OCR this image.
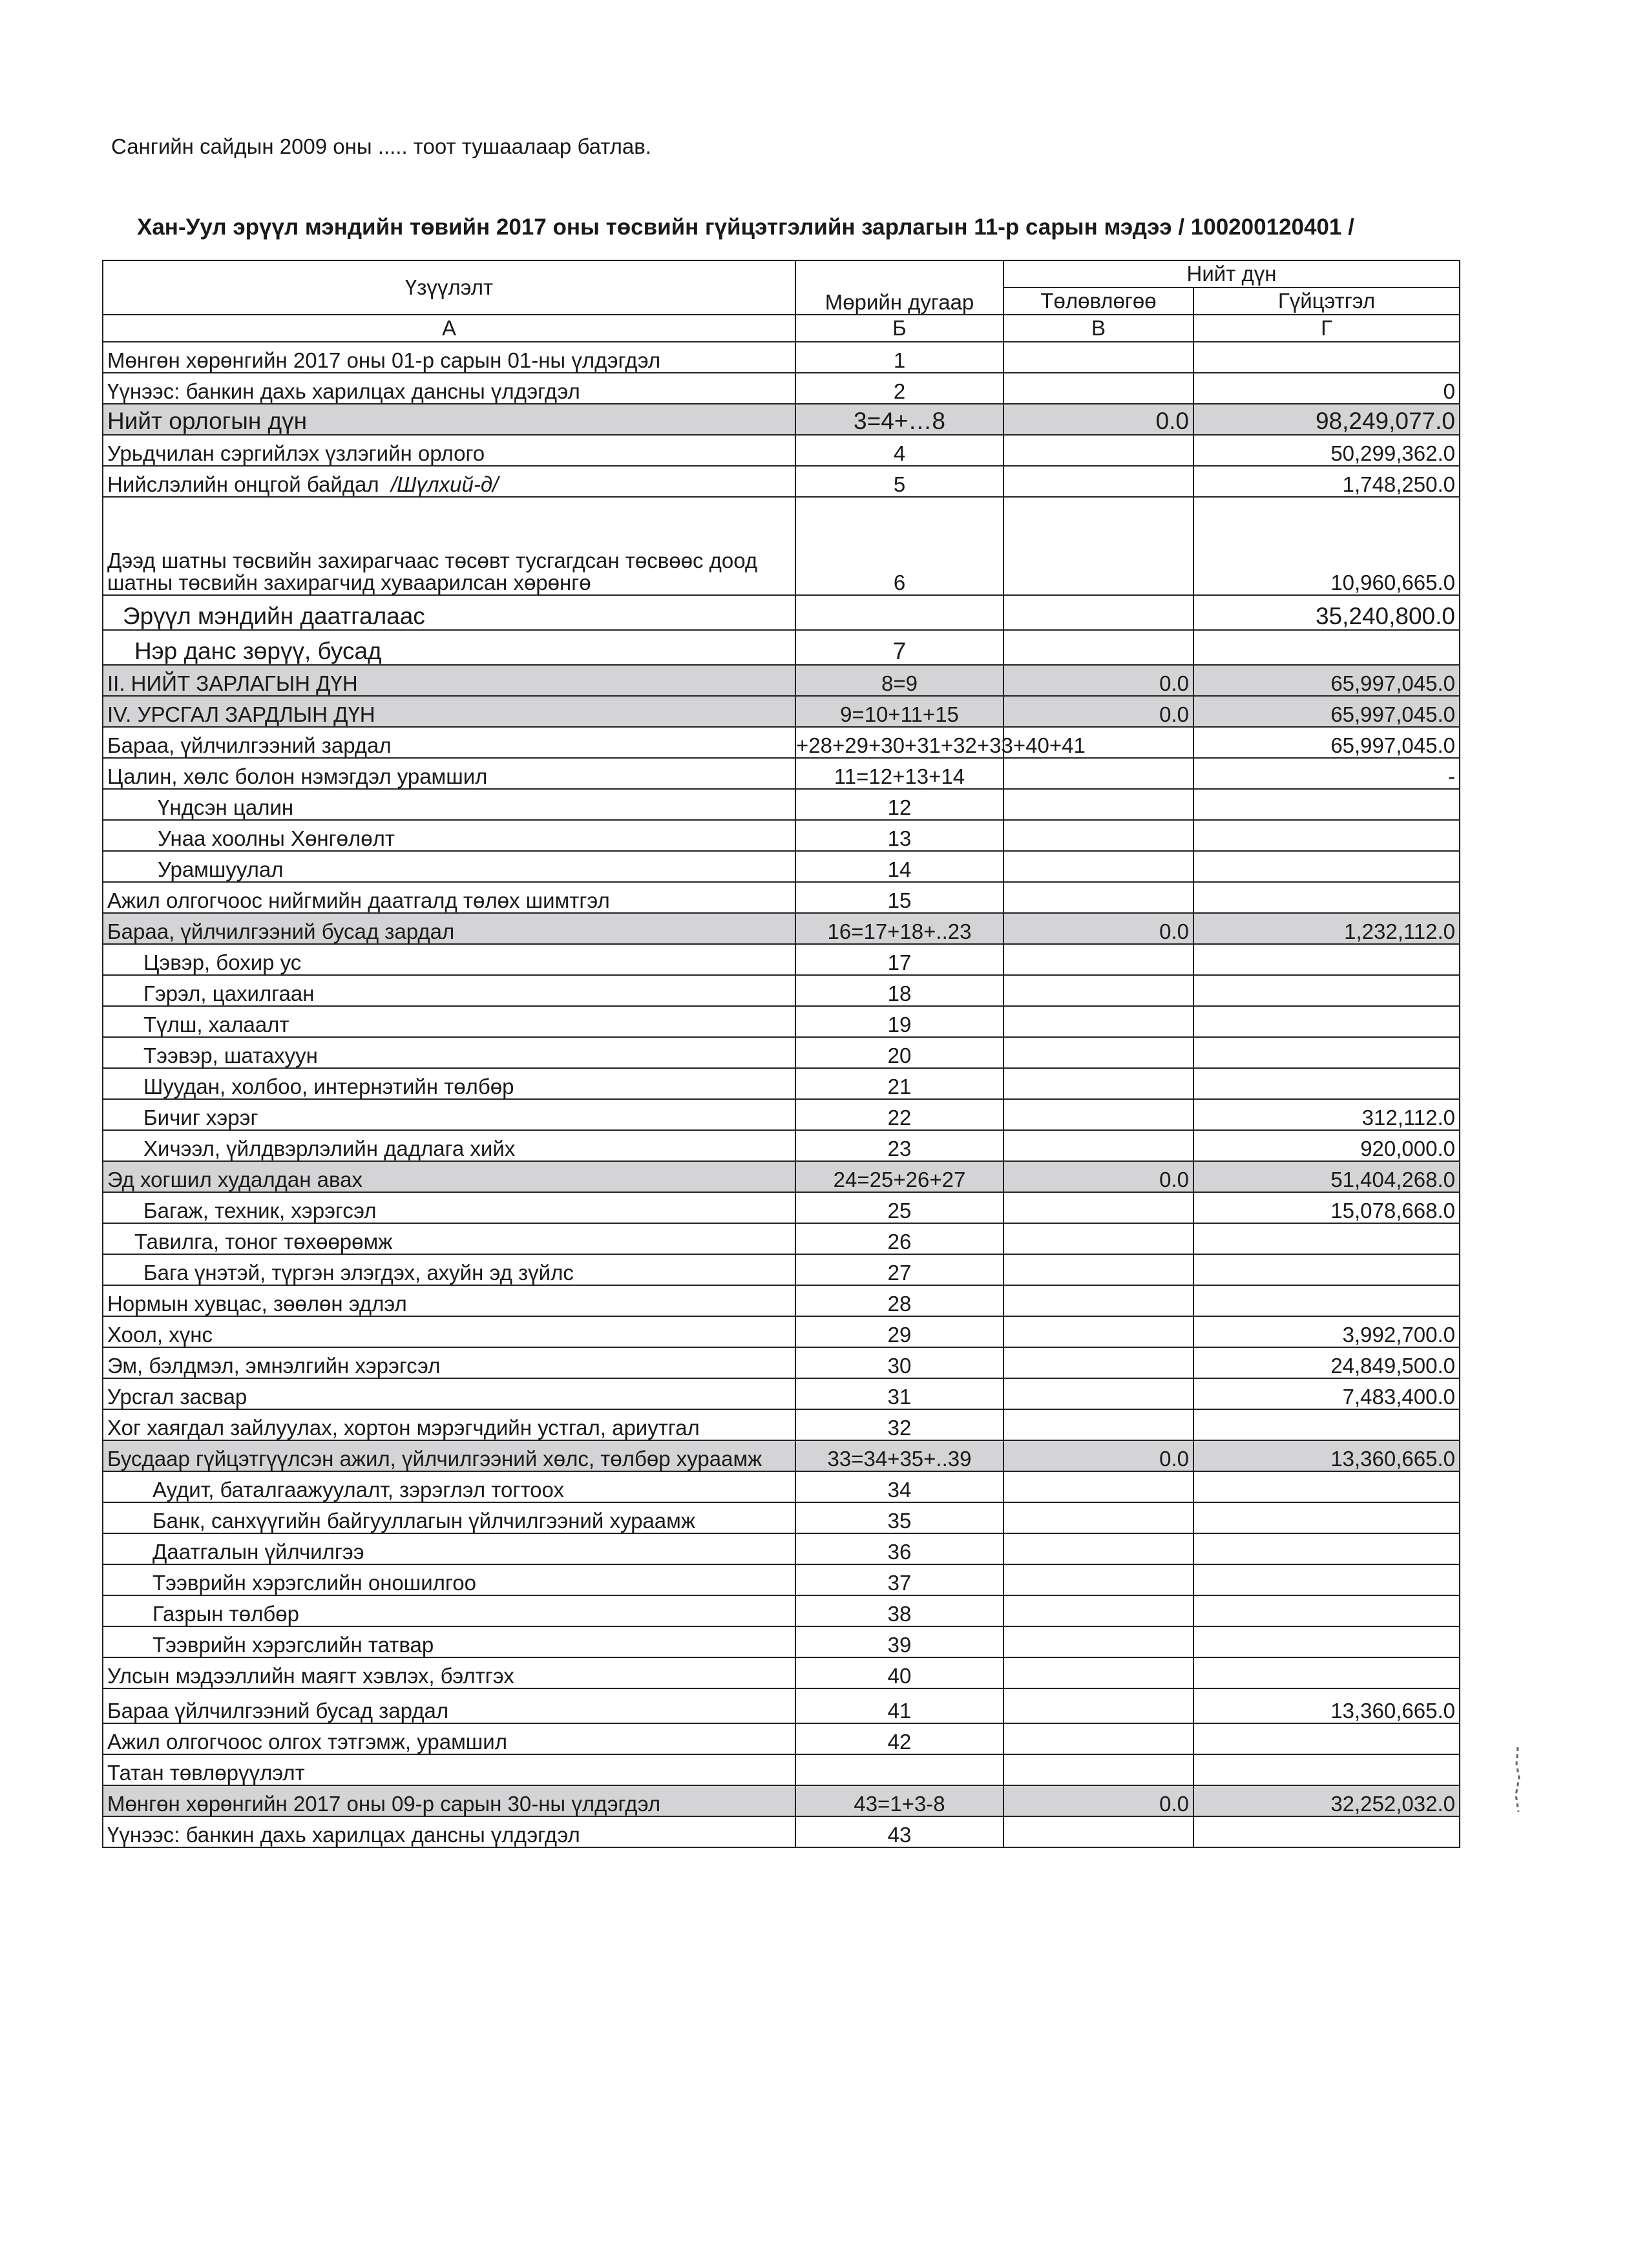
Сангийн сайдын 2009 оны ..... тоот тушаалаар батлав.
Хан-Уул эрүүл мэндийн төвийн 2017 оны төсвийн гүйцэтгэлийн зарлагын 11-р сарын мэдээ / 100200120401 /
Үзүүлэлт	Мөрийн дугаар	Нийт дүн	
		Төлөвлөгөө	Гүйцэтгэл
А	Б	В	Г
Мөнгөн хөрөнгийн 2017 оны 01-р сарын 01-ны үлдэгдэл	1		
Үүнээс: банкин дахь харилцах дансны үлдэгдэл	2		0
Нийт орлогын дүн	3=4+…8	0.0	98,249,077.0
Урьдчилан сэргийлэх үзлэгийн орлого	4		50,299,362.0
Нийслэлийн онцгой байдал /Шүлхий-д/	5		1,748,250.0
Дээд шатны төсвийн захирагчаас төсөвт тусгагдсан төсвөөс доод шатны төсвийн захирагчид хуваарилсан хөрөнгө	6		10,960,665.0
Эрүүл мэндийн даатгалаас			35,240,800.0
Нэр данс зөрүү, бусад	7		
II. НИЙТ ЗАРЛАГЫН ДҮН	8=9	0.0	65,997,045.0
IV. УРСГАЛ ЗАРДЛЫН ДҮН	9=10+11+15	0.0	65,997,045.0
Бараа, үйлчилгээний зардал	+28+29+30+31+32+33+40+41		65,997,045.0
Цалин, хөлс болон нэмэгдэл урамшил	11=12+13+14		-
Үндсэн цалин	12		
Унаа хоолны Хөнгөлөлт	13		
Урамшуулал	14		
Ажил олгогчоос нийгмийн даатгалд төлөх шимтгэл	15		
Бараа, үйлчилгээний бусад зардал	16=17+18+..23	0.0	1,232,112.0
Цэвэр, бохир ус	17		
Гэрэл, цахилгаан	18		
Түлш, халаалт	19		
Тээвэр, шатахуун	20		
Шуудан, холбоо, интернэтийн төлбөр	21		
Бичиг хэрэг	22		312,112.0
Хичээл, үйлдвэрлэлийн дадлага хийх	23		920,000.0
Эд хогшил худалдан авах	24=25+26+27	0.0	51,404,268.0
Багаж, техник, хэрэгсэл	25		15,078,668.0
Тавилга, тоног төхөөрөмж	26		
Бага үнэтэй, түргэн элэгдэх, ахуйн эд зүйлс	27		
Нормын хувцас, зөөлөн эдлэл	28		
Хоол, хүнс	29		3,992,700.0
Эм, бэлдмэл, эмнэлгийн хэрэгсэл	30		24,849,500.0
Урсгал засвар	31		7,483,400.0
Хог хаягдал зайлуулах, хортон мэрэгчдийн устгал, ариутгал	32		
Бусдаар гүйцэтгүүлсэн ажил, үйлчилгээний хөлс, төлбөр хураамж	33=34+35+..39	0.0	13,360,665.0
Аудит, баталгаажуулалт, зэрэглэл тогтоох	34		
Банк, санхүүгийн байгууллагын үйлчилгээний хураамж	35		
Даатгалын үйлчилгээ	36		
Тээврийн хэрэгслийн оношилгоо	37		
Газрын төлбөр	38		
Тээврийн хэрэгслийн татвар	39		
Улсын мэдээллийн маягт хэвлэх, бэлтгэх	40		
Бараа үйлчилгээний бусад зардал	41		13,360,665.0
Ажил олгогчоос олгох тэтгэмж, урамшил	42		
Татан төвлөрүүлэлт			
Мөнгөн хөрөнгийн 2017 оны 09-р сарын 30-ны үлдэгдэл	43=1+3-8	0.0	32,252,032.0
Үүнээс: банкин дахь харилцах дансны үлдэгдэл	43		
